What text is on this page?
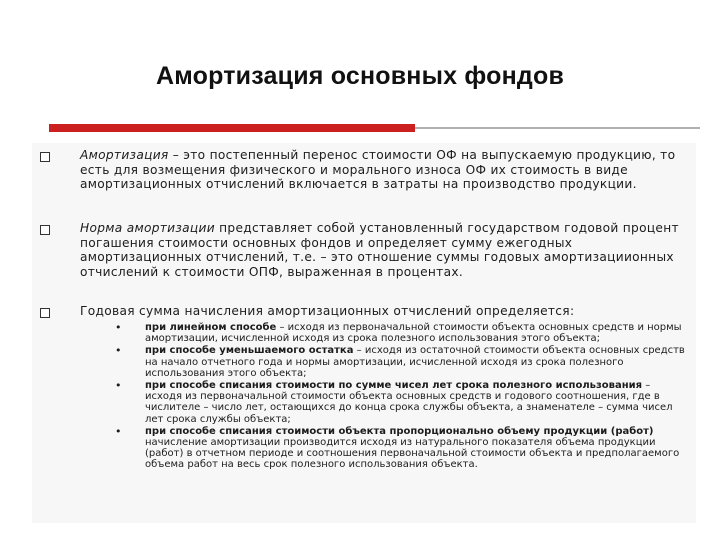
Амортизация основных фондов
Амортизация – это постепенный перенос стоимости ОФ на выпускаемую продукцию, то есть для возмещения физического и морального износа ОФ их стоимость в виде амортизационных отчислений включается в затраты на производство продукции.
Норма амортизации представляет собой установленный государством годовой процент погашения стоимости основных фондов и определяет сумму ежегодных амортизационных отчислений, т.е. – это отношение суммы годовых амортизациионных отчислений к стоимости ОПФ, выраженная в процентах.
Годовая сумма начисления амортизационных отчислений определяется:
• при линейном способе – исходя из первоначальной стоимости объекта основных средств и нормы амортизации, исчисленной исходя из срока полезного использования этого объекта;
• при способе уменьшаемого остатка – исходя из остаточной стоимости объекта основных средств на начало отчетного года и нормы амортизации, исчисленной исходя из срока полезного использования этого объекта;
• при способе списания стоимости по сумме чисел лет срока полезного использования – исходя из первоначальной стоимости объекта основных средств и годового соотношения, где в числителе – число лет, остающихся до конца срока службы объекта, а знаменателе – сумма чисел лет срока службы объекта;
• при способе списания стоимости объекта пропорционально объему продукции (работ) начисление амортизации производится исходя из натурального показателя объема продукции (работ) в отчетном периоде и соотношения первоначальной стоимости объекта и предполагаемого объема работ на весь срок полезного использования объекта.
